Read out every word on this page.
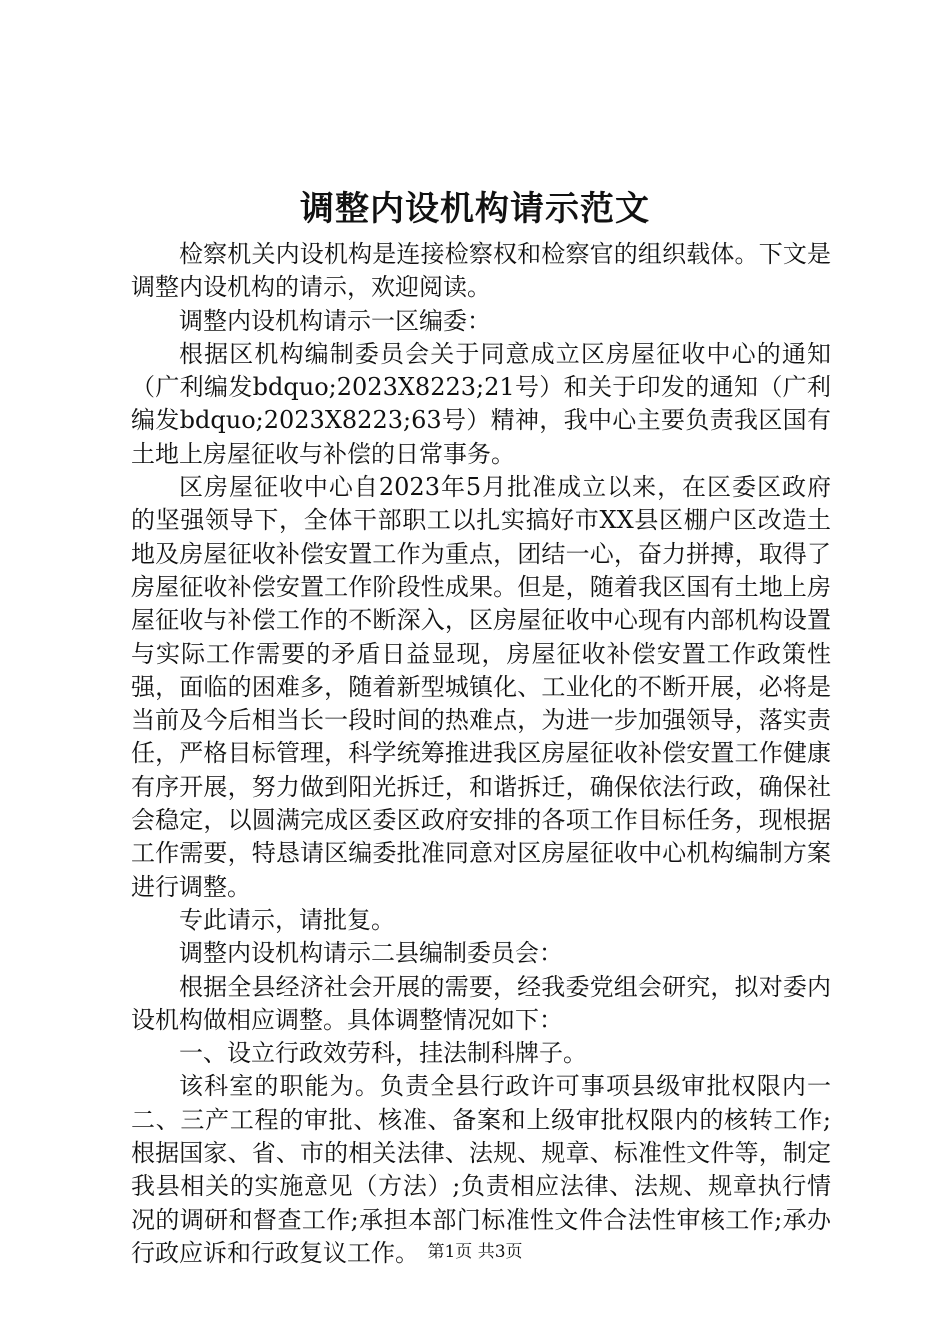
调整内设机构请示范文

检察机关内设机构是连接检察权和检察官的组织载体。下文是调整内设机构的请示，欢迎阅读。

调整内设机构请示一区编委：

根据区机构编制委员会关于同意成立区房屋征收中心的通知（广利编发bdquo;2023X8223;21号）和关于印发的通知（广利编发bdquo;2023X8223;63号）精神，我中心主要负责我区国有土地上房屋征收与补偿的日常事务。

区房屋征收中心自2023年5月批准成立以来，在区委区政府的坚强领导下，全体干部职工以扎实搞好市XX县区棚户区改造土地及房屋征收补偿安置工作为重点，团结一心，奋力拼搏，取得了房屋征收补偿安置工作阶段性成果。但是，随着我区国有土地上房屋征收与补偿工作的不断深入，区房屋征收中心现有内部机构设置与实际工作需要的矛盾日益显现，房屋征收补偿安置工作政策性强，面临的困难多，随着新型城镇化、工业化的不断开展，必将是当前及今后相当长一段时间的热难点，为进一步加强领导，落实责任，严格目标管理，科学统筹推进我区房屋征收补偿安置工作健康有序开展，努力做到阳光拆迁，和谐拆迁，确保依法行政，确保社会稳定，以圆满完成区委区政府安排的各项工作目标任务，现根据工作需要，特恳请区编委批准同意对区房屋征收中心机构编制方案进行调整。

专此请示，请批复。

调整内设机构请示二县编制委员会：

根据全县经济社会开展的需要，经我委党组会研究，拟对委内设机构做相应调整。具体调整情况如下：

一、设立行政效劳科，挂法制科牌子。

该科室的职能为。负责全县行政许可事项县级审批权限内一二、三产工程的审批、核准、备案和上级审批权限内的核转工作;根据国家、省、市的相关法律、法规、规章、标准性文件等，制定我县相关的实施意见（方法）;负责相应法律、法规、规章执行情况的调研和督查工作;承担本部门标准性文件合法性审核工作;承办行政应诉和行政复议工作。 第1页 共3页
